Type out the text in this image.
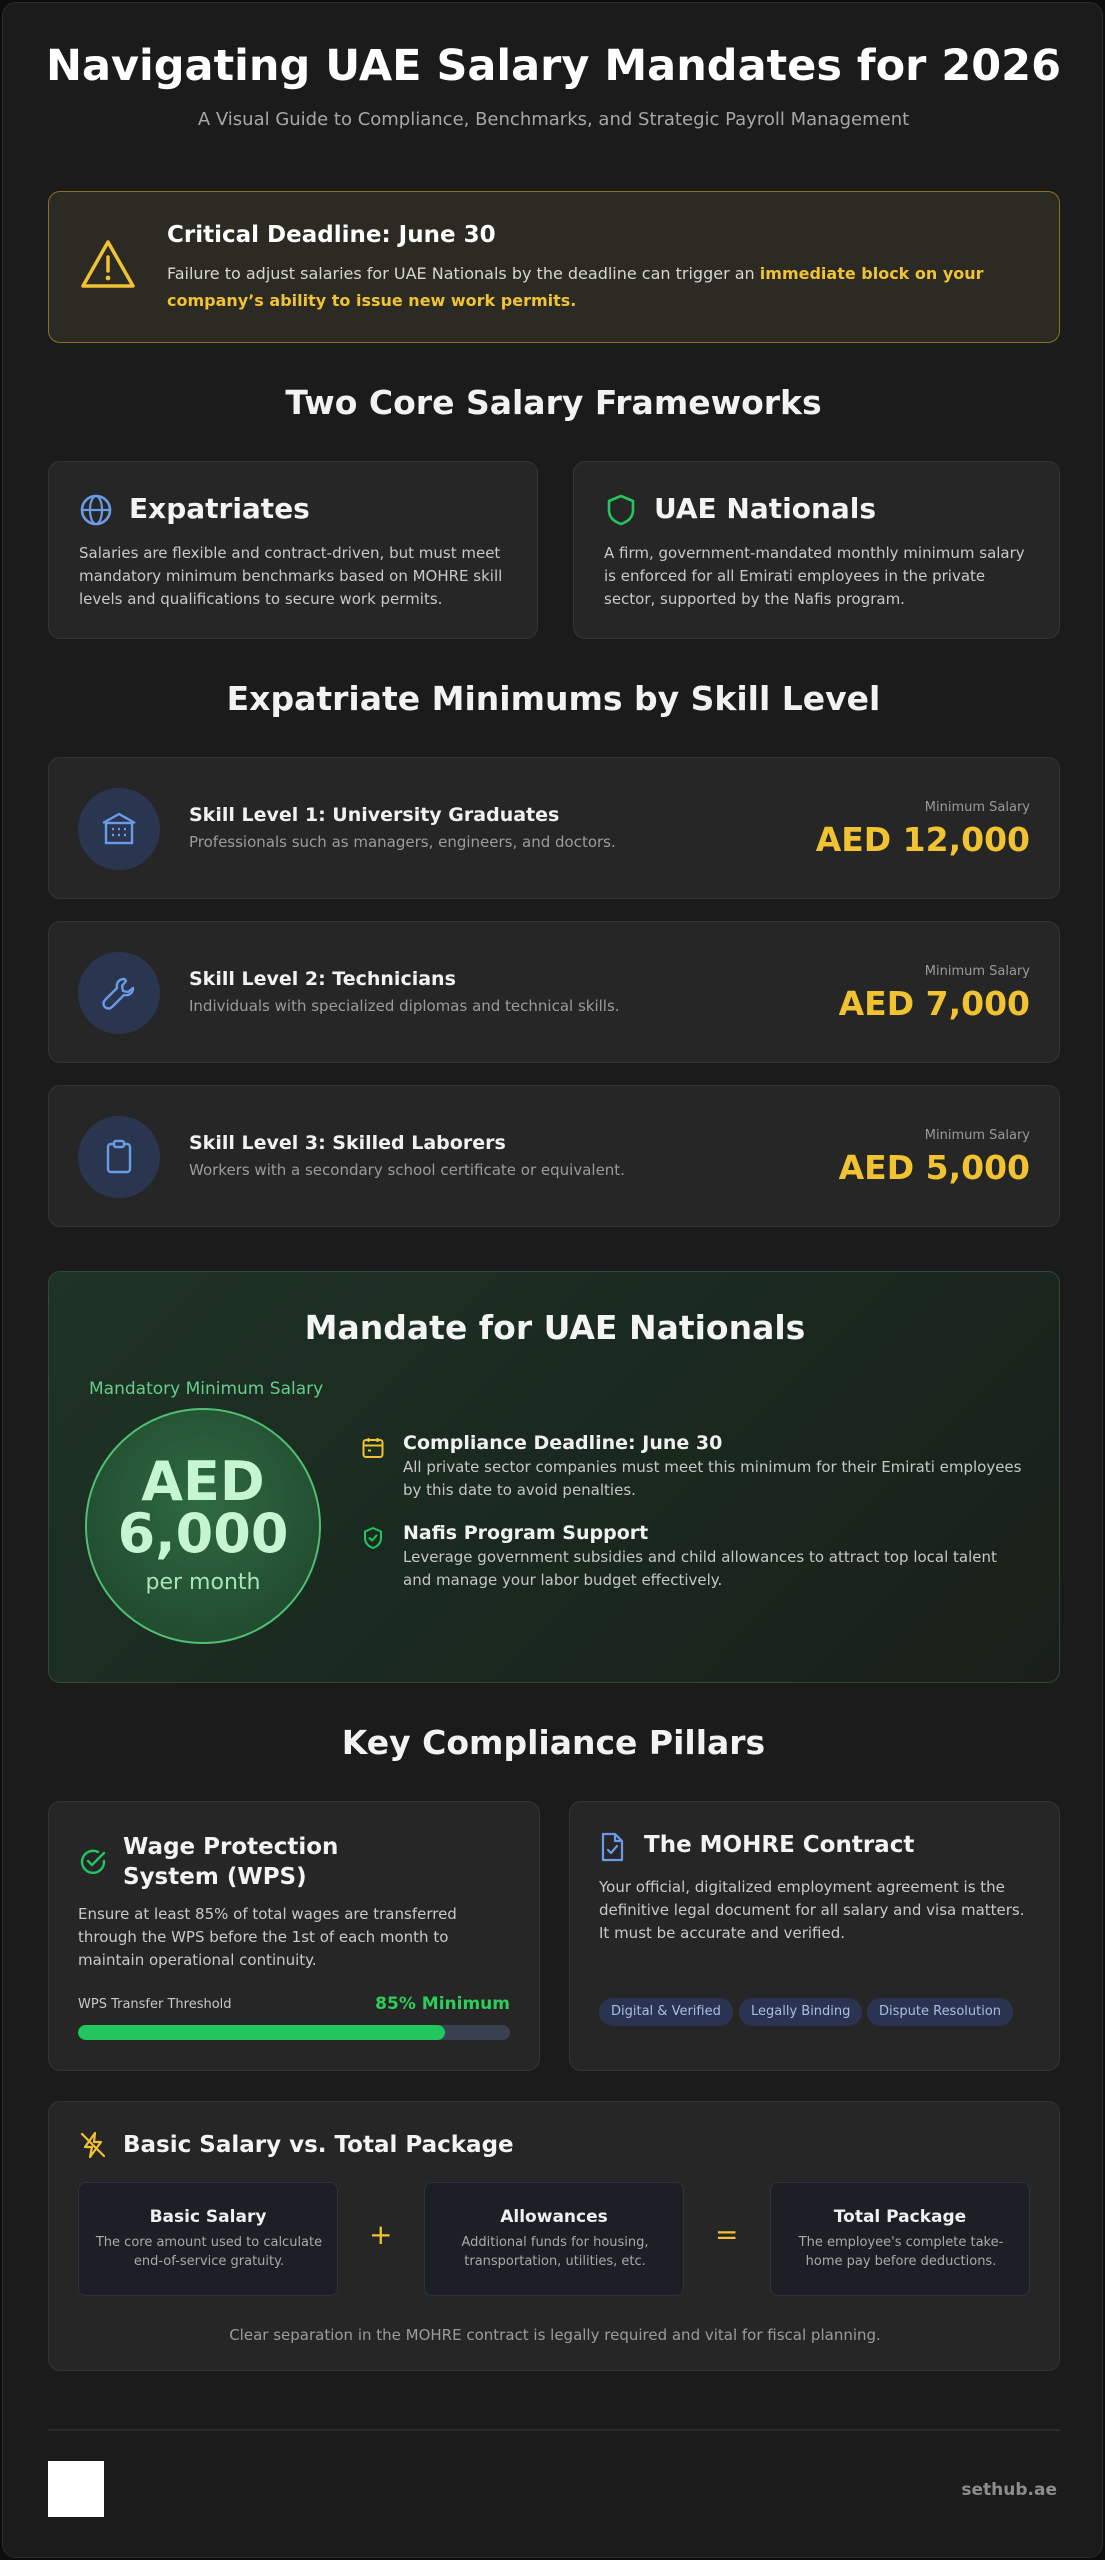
Navigating UAE Salary Mandates for 2026
A Visual Guide to Compliance, Benchmarks, and Strategic Payroll Management
Critical Deadline: June 30
Failure to adjust salaries for UAE Nationals by the deadline can trigger an immediate block on your company’s ability to issue new work permits.
Two Core Salary Frameworks
Expatriates
Salaries are flexible and contract-driven, but must meet mandatory minimum benchmarks based on MOHRE skill levels and qualifications to secure work permits.
UAE Nationals
A firm, government-mandated monthly minimum salary is enforced for all Emirati employees in the private sector, supported by the Nafis program.
Expatriate Minimums by Skill Level
Skill Level 1: University Graduates
Professionals such as managers, engineers, and doctors.
Minimum Salary
AED 12,000
Skill Level 2: Technicians
Individuals with specialized diplomas and technical skills.
Minimum Salary
AED 7,000
Skill Level 3: Skilled Laborers
Workers with a secondary school certificate or equivalent.
Minimum Salary
AED 5,000
Mandate for UAE Nationals
Mandatory Minimum Salary
AED
6,000
per month
Compliance Deadline: June 30
All private sector companies must meet this minimum for their Emirati employees by this date to avoid penalties.
Nafis Program Support
Leverage government subsidies and child allowances to attract top local talent and manage your labor budget effectively.
Key Compliance Pillars
Wage Protection System (WPS)
Ensure at least 85% of total wages are transferred through the WPS before the 1st of each month to maintain operational continuity.
WPS Transfer Threshold	85% Minimum
The MOHRE Contract
Your official, digitalized employment agreement is the definitive legal document for all salary and visa matters. It must be accurate and verified.
Digital & Verified	Legally Binding	Dispute Resolution
Basic Salary vs. Total Package
Basic Salary
The core amount used to calculate end-of-service gratuity.
+
Allowances
Additional funds for housing, transportation, utilities, etc.
=
Total Package
The employee's complete take-home pay before deductions.
Clear separation in the MOHRE contract is legally required and vital for fiscal planning.
sethub.ae
